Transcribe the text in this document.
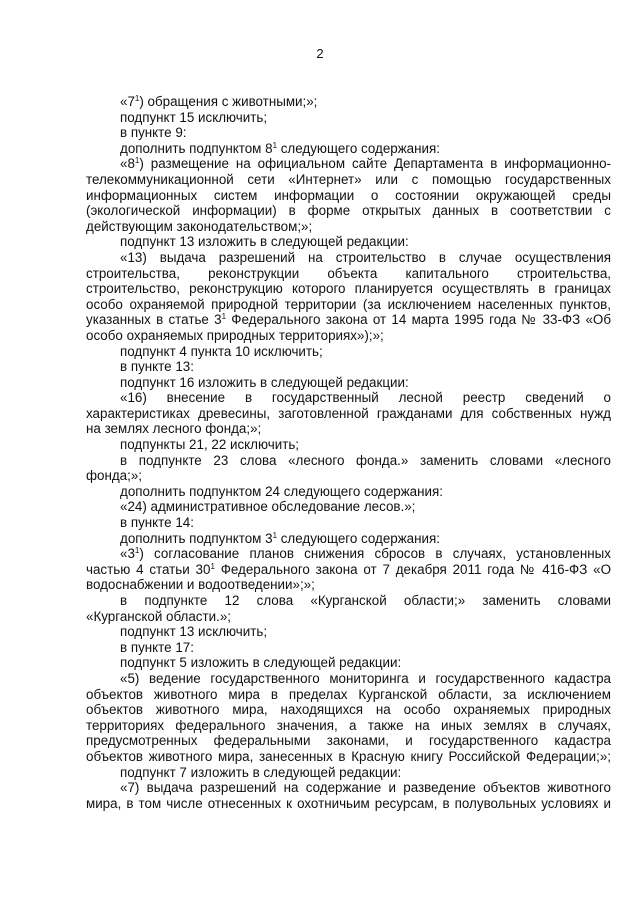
2
«$7^1$) обращения с животными;»;
подпункт 15 исключить;
в пункте 9:
дополнить подпунктом $8^1$ следующего содержания:
«$8^1$) размещение на официальном сайте Департамента в информационно-
телекоммуникационной сети «Интернет» или с помощью государственных
информационных систем информации о состоянии окружающей среды
(экологической информации) в форме открытых данных в соответствии с
действующим законодательством;»;
подпункт 13 изложить в следующей редакции:
«13) выдача разрешений на строительство в случае осуществления
строительства, реконструкции объекта капитального строительства,
строительство, реконструкцию которого планируется осуществлять в границах
особо охраняемой природной территории (за исключением населенных пунктов,
указанных в статье $3^1$ Федерального закона от 14 марта 1995 года № 33-ФЗ «Об
особо охраняемых природных территориях»);»;
подпункт 4 пункта 10 исключить;
в пункте 13:
подпункт 16 изложить в следующей редакции:
«16) внесение в государственный лесной реестр сведений о
характеристиках древесины, заготовленной гражданами для собственных нужд
на землях лесного фонда;»;
подпункты 21, 22 исключить;
в подпункте 23 слова «лесного фонда.» заменить словами «лесного
фонда;»;
дополнить подпунктом 24 следующего содержания:
«24) административное обследование лесов.»;
в пункте 14:
дополнить подпунктом $3^1$ следующего содержания:
«$3^1$) согласование планов снижения сбросов в случаях, установленных
частью 4 статьи $30^1$ Федерального закона от 7 декабря 2011 года № 416-ФЗ «О
водоснабжении и водоотведении»;»;
в подпункте 12 слова «Курганской области;» заменить словами
«Курганской области.»;
подпункт 13 исключить;
в пункте 17:
подпункт 5 изложить в следующей редакции:
«5) ведение государственного мониторинга и государственного кадастра
объектов животного мира в пределах Курганской области, за исключением
объектов животного мира, находящихся на особо охраняемых природных
территориях федерального значения, а также на иных землях в случаях,
предусмотренных федеральными законами, и государственного кадастра
объектов животного мира, занесенных в Красную книгу Российской Федерации;»;
подпункт 7 изложить в следующей редакции:
«7) выдача разрешений на содержание и разведение объектов животного
мира, в том числе отнесенных к охотничьим ресурсам, в полувольных условиях и
